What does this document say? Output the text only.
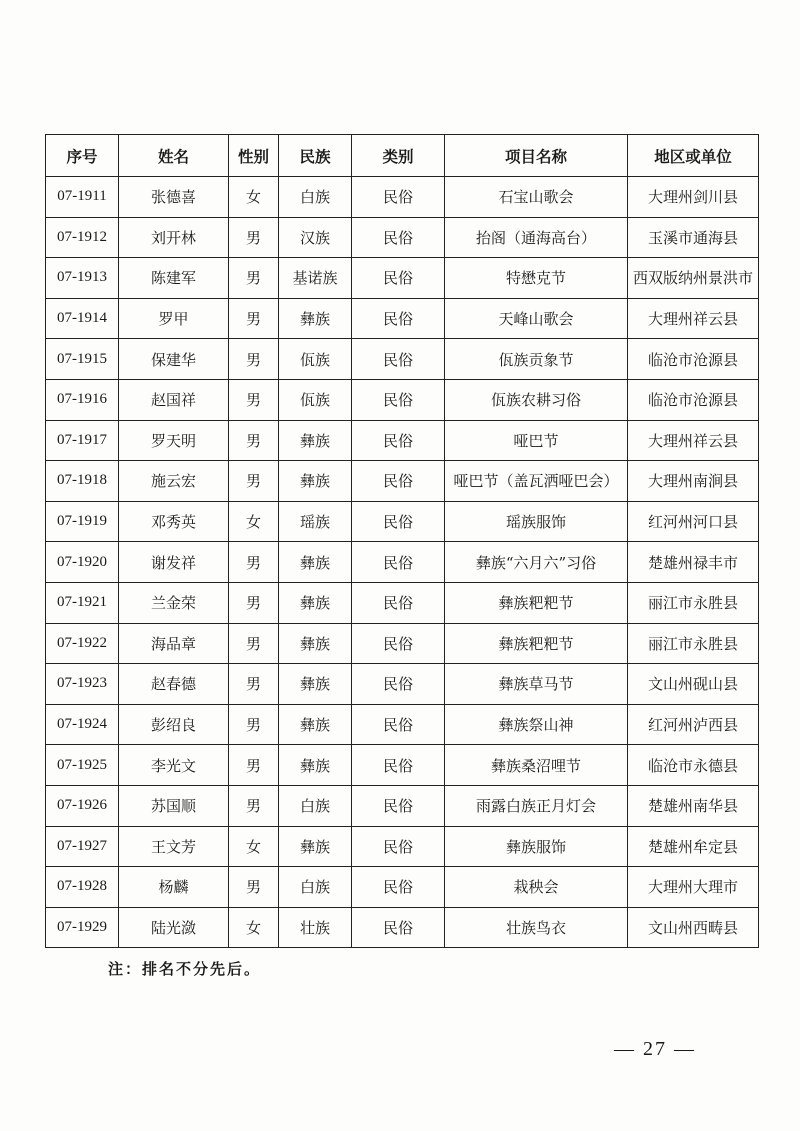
序号	姓名	性别	民族	类别	项目名称	地区或单位
07-1911	张德喜	女	白族	民俗	石宝山歌会	大理州剑川县
07-1912	刘开林	男	汉族	民俗	抬阁（通海高台）	玉溪市通海县
07-1913	陈建军	男	基诺族	民俗	特懋克节	西双版纳州景洪市
07-1914	罗甲	男	彝族	民俗	天峰山歌会	大理州祥云县
07-1915	保建华	男	佤族	民俗	佤族贡象节	临沧市沧源县
07-1916	赵国祥	男	佤族	民俗	佤族农耕习俗	临沧市沧源县
07-1917	罗天明	男	彝族	民俗	哑巴节	大理州祥云县
07-1918	施云宏	男	彝族	民俗	哑巴节（盖瓦洒哑巴会）	大理州南涧县
07-1919	邓秀英	女	瑶族	民俗	瑶族服饰	红河州河口县
07-1920	谢发祥	男	彝族	民俗	彝族“六月六”习俗	楚雄州禄丰市
07-1921	兰金荣	男	彝族	民俗	彝族粑粑节	丽江市永胜县
07-1922	海品章	男	彝族	民俗	彝族粑粑节	丽江市永胜县
07-1923	赵春德	男	彝族	民俗	彝族草马节	文山州砚山县
07-1924	彭绍良	男	彝族	民俗	彝族祭山神	红河州泸西县
07-1925	李光文	男	彝族	民俗	彝族桑沼哩节	临沧市永德县
07-1926	苏国顺	男	白族	民俗	雨露白族正月灯会	楚雄州南华县
07-1927	王文芳	女	彝族	民俗	彝族服饰	楚雄州牟定县
07-1928	杨麟	男	白族	民俗	栽秧会	大理州大理市
07-1929	陆光潋	女	壮族	民俗	壮族鸟衣	文山州西畴县
注：排名不分先后。
— 27 —
